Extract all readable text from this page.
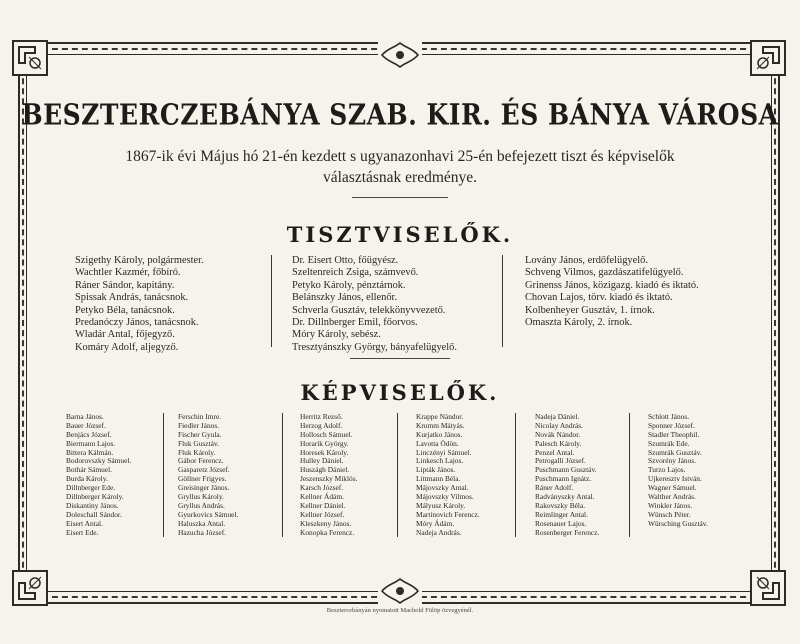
BESZTERCZEBÁNYA SZAB. KIR. ÉS BÁNYA VÁROSA
1867-ik évi Május hó 21-én kezdett s ugyanazonhavi 25-én befejezett tiszt és képviselők
választásnak eredménye.
TISZTVISELŐK.
Szigethy Károly, polgármester.
Wachtler Kazmér, főbíró.
Ráner Sándor, kapitány.
Spissak András, tanácsnok.
Petyko Béla, tanácsnok.
Predanóczy János, tanácsnok.
Wladár Antal, főjegyző.
Komáry Adolf, aljegyző.
Dr. Eisert Otto, főügyész.
Szeltenreich Zsiga, számvevő.
Petyko Károly, pénztárnok.
Belánszky János, ellenőr.
Schverla Gusztáv, telekkönyvvezető.
Dr. Dillnberger Emil, főorvos.
Móry Károly, sebész.
Tresztyánszky György, bányafelügyelő.
Lovány János, erdőfelügyelő.
Schveng Vilmos, gazdászatifelügyelő.
Grinenss János, közigazg. kiadó és iktató.
Chovan Lajos, törv. kiadó és iktató.
Kolbenheyer Gusztáv, 1. írnok.
Omaszta Károly, 2. írnok.
KÉPVISELŐK.
Barna János.
Bauer József.
Benjács József.
Biermann Lajos.
Bittera Kálmán.
Bodorovszky Sámuel.
Bothár Sámuel.
Burda Károly.
Dillnberger Ede.
Dillnberger Károly.
Diskantiny János.
Doleschall Sándor.
Eisert Antal.
Eisert Ede.
Ferschin Imre.
Fiedler János.
Fischer Gyula.
Fluk Gusztáv.
Fluk Károly.
Gábor Ferencz.
Gasparetz József.
Göllner Frigyes.
Greisinger János.
Gryllus Károly.
Gryllus András.
Gyurkovics Sámuel.
Haluszka Antal.
Hazucha József.
Herritz Rezső.
Herzog Adolf.
Hollosch Sámuel.
Horarik György.
Horesek Károly.
Hulley Dániel.
Huszágh Dániel.
Jeszenszky Miklós.
Karsch József.
Kellner Ádám.
Kellner Dániel.
Kellner József.
Kleszkeny János.
Konopka Ferencz.
Krappe Nándor.
Krumm Mátyás.
Kurjatko János.
Lavotta Ödön.
Linczényi Sámuel.
Linkesch Lajos.
Lipták János.
Littmann Béla.
Májovszky Antal.
Májovszky Vilmos.
Mályusz Károly.
Martinovich Ferencz.
Móry Ádám.
Nadeja András.
Nadeja Dániel.
Nicolay András.
Novák Nándor.
Palesch Károly.
Penzel Antal.
Petrogalli József.
Puschmann Gusztáv.
Puschmann Ignátz.
Ráner Adolf.
Radványszky Antal.
Rakovszky Béla.
Reimlinger Antal.
Rosenauer Lajos.
Rosenberger Ferencz.
Schlott János.
Sponner József.
Stadler Theophil.
Szumrák Ede.
Szumrák Gusztáv.
Szvorény János.
Turzo Lajos.
Ujkeresztv István.
Wagner Sámuel.
Walther András.
Winkler János.
Wünsch Péter.
Würsching Gusztáv.
Besztercebányán nyomatott Machold Fülöp özvegyénél.
